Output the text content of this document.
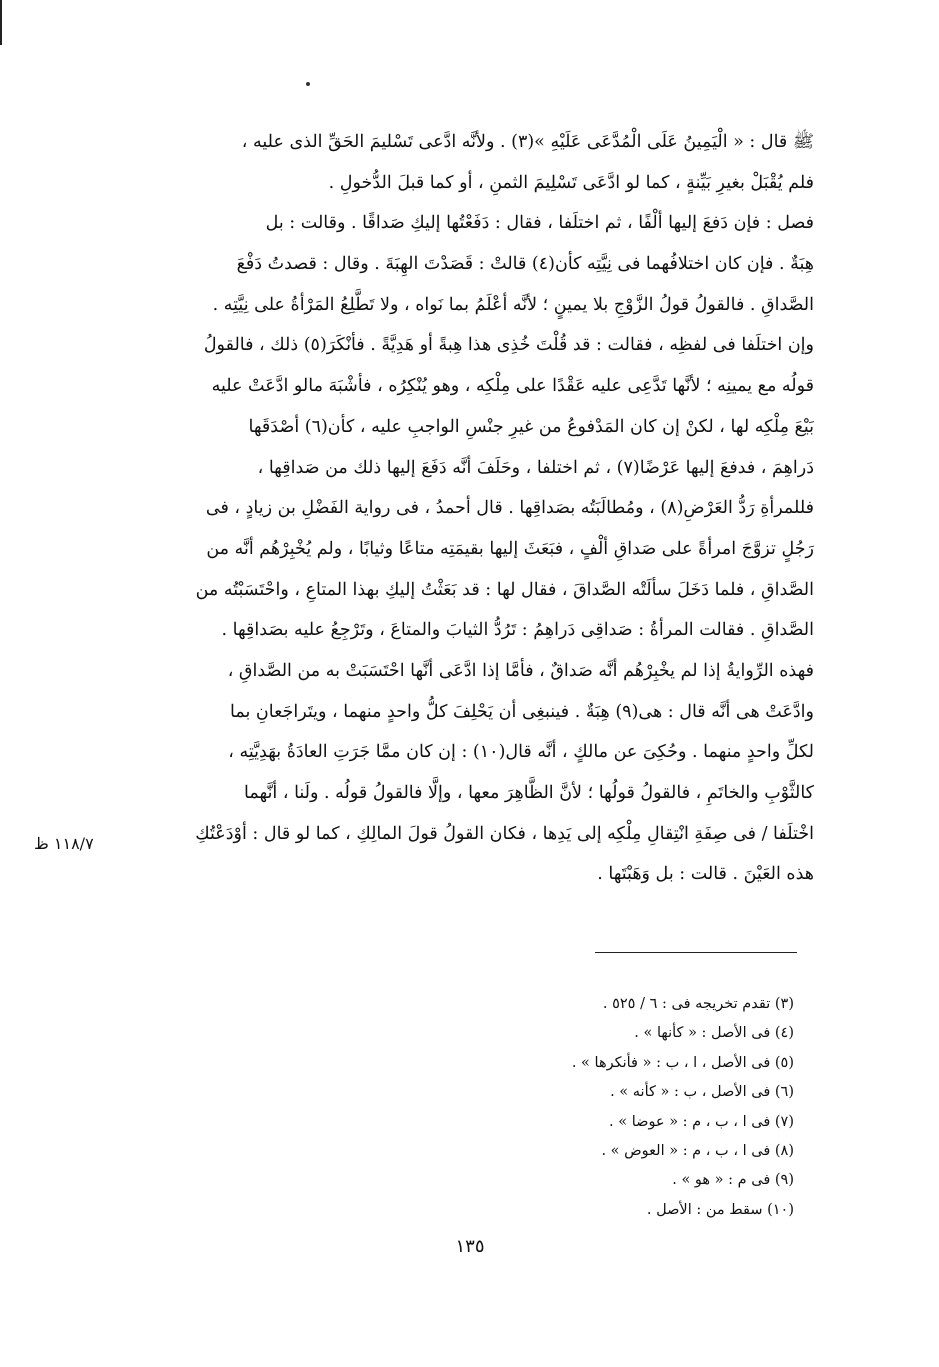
ﷺ قال : « الْيَمِينُ عَلَى الْمُدَّعَى عَلَيْهِ »(٣) . ولأنَّه ادَّعى تَسْليمَ الحَقِّ الذى عليه ،
فلم يُقْبَلْ بغيرِ بَيِّنةٍ ، كما لو ادَّعَى تَسْلِيمَ الثمنِ ، أو كما قبلَ الدُّخولِ .
فصل : فإن دَفعَ إليها ألْفًا ، ثم اختلَفا ، فقال : دَفَعْتُها إليكِ صَداقًا . وقالت : بل
هِبَةٌ . فإن كان اختلافُهما فى نِيَّتِه كأن(٤) قالتْ : قَصَدْتَ الهِبَةَ . وقال : قصدتُ دَفْعَ
الصَّداقِ . فالقولُ قولُ الزَّوْجِ بلا يمينٍ ؛ لأنَّه أعْلَمُ بما نَواه ، ولا تَطَّلِعُ المَرْأةُ على نِيَّتِه .
وإن اختلَفا فى لفظِه ، فقالت : قد قُلْتَ خُذِى هذا هِبةً أو هَدِيَّةً . فأنْكَرَ(٥) ذلك ، فالقولُ
قولُه مع يمينِه ؛ لأنَّها تَدَّعِى عليه عَقْدًا على مِلْكِه ، وهو يُنْكِرُه ، فأشْبَهَ مالو ادَّعَتْ عليه
بَيْعَ مِلْكِه لها ، لكنْ إن كان المَدْفوعُ من غيرِ جنْسِ الواجبِ عليه ، كأن(٦) أصْدَقَها
دَراهِمَ ، فدفعَ إليها عَرْضًا(٧) ، ثم اختلفا ، وحَلَفَ أنَّه دَفَعَ إليها ذلك من صَداقِها ،
فللمرأةِ رَدُّ العَرْضِ(٨) ، ومُطالَبَتُه بصَداقِها . قال أحمدُ ، فى رواية الفَضْلِ بن زيادٍ ، فى
رَجُلٍ تزوَّجَ امرأةً على صَداقِ ألْفٍ ، فبَعَثَ إليها بقيمَتِه متاعًا وثيابًا ، ولم يُخْبِرْهُم أنَّه من
الصَّداقِ ، فلما دَخَلَ سألَتْه الصَّداقَ ، فقال لها : قد بَعَثْتُ إليكِ بهذا المتاعِ ، واحْتَسَبْتُه من
الصَّداقِ . فقالت المرأةُ : صَداقِى دَراهِمُ : تَرُدُّ الثيابَ والمتاعَ ، وتَرْجِعُ عليه بصَداقِها .
فهذه الرِّوايةُ إذا لم يخْبِرْهُم أنَّه صَداقٌ ، فأمَّا إذا ادَّعَى أنَّها احْتَسَبَتْ به من الصَّداقِ ،
وادَّعَتْ هى أنَّه قال : هى(٩) هِبَةٌ . فينبغِى أن يَحْلِفَ كلُّ واحدٍ منهما ، ويتَراجَعانِ بما
لكلِّ واحدٍ منهما . وحُكِىَ عن مالكٍ ، أنَّه قال(١٠) : إن كان ممَّا جَرَتِ العادَةُ بهَدِيَّتِه ،
كالثَّوْبِ والخاتَمِ ، فالقولُ قولُها ؛ لأنَّ الظَّاهِرَ معها ، وإلَّا فالقولُ قولُه . ولَنا ، أنَّهما
اخْتلَفا / فى صِفَةِ انْتِقالِ مِلْكِه إلى يَدِها ، فكان القولُ قولَ المالِكِ ، كما لو قال : أوْدَعْتُكِ
هذه العَيْنَ . قالت : بل وَهَبْتَها .
١١٨/٧ ظ
(٣) تقدم تخريجه فى : ٦ / ٥٢٥ .
(٤) فى الأصل : « كأنها » .
(٥) فى الأصل ، ا ، ب : « فأنكرها » .
(٦) فى الأصل ، ب : « كأنه » .
(٧) فى ا ، ب ، م : « عوضا » .
(٨) فى ا ، ب ، م : « العوض » .
(٩) فى م : « هو » .
(١٠) سقط من : الأصل .
١٣٥
